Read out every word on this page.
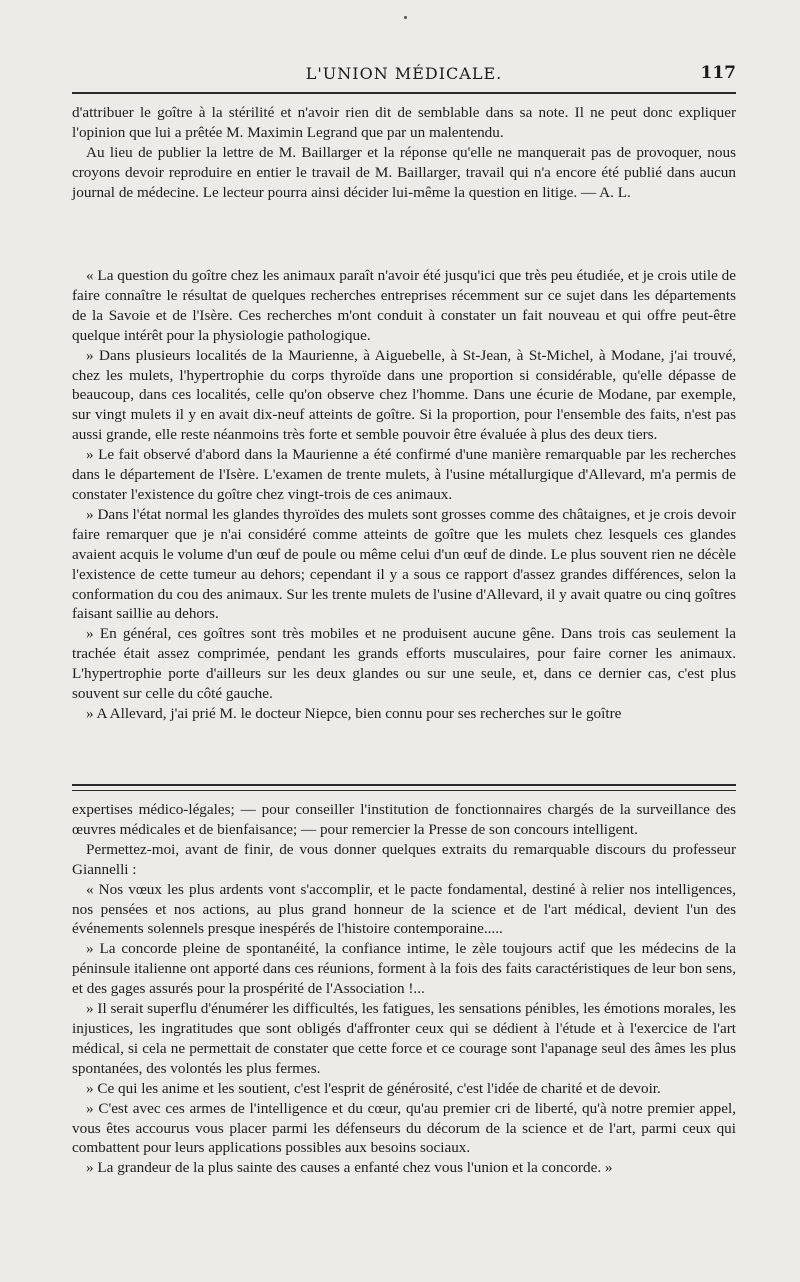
L'UNION MÉDICALE.	117

d'attribuer le goître à la stérilité et n'avoir rien dit de semblable dans sa note. Il ne peut donc expliquer l'opinion que lui a prêtée M. Maximin Legrand que par un malentendu.

Au lieu de publier la lettre de M. Baillarger et la réponse qu'elle ne manquerait pas de provoquer, nous croyons devoir reproduire en entier le travail de M. Baillarger, travail qui n'a encore été publié dans aucun journal de médecine. Le lecteur pourra ainsi décider lui-même la question en litige. — A. L.

« La question du goître chez les animaux paraît n'avoir été jusqu'ici que très peu étudiée, et je crois utile de faire connaître le résultat de quelques recherches entreprises récemment sur ce sujet dans les départements de la Savoie et de l'Isère. Ces recherches m'ont conduit à constater un fait nouveau et qui offre peut-être quelque intérêt pour la physiologie pathologique.

» Dans plusieurs localités de la Maurienne, à Aiguebelle, à St-Jean, à St-Michel, à Modane, j'ai trouvé, chez les mulets, l'hypertrophie du corps thyroïde dans une proportion si considérable, qu'elle dépasse de beaucoup, dans ces localités, celle qu'on observe chez l'homme. Dans une écurie de Modane, par exemple, sur vingt mulets il y en avait dix-neuf atteints de goître. Si la proportion, pour l'ensemble des faits, n'est pas aussi grande, elle reste néanmoins très forte et semble pouvoir être évaluée à plus des deux tiers.

» Le fait observé d'abord dans la Maurienne a été confirmé d'une manière remarquable par les recherches dans le département de l'Isère. L'examen de trente mulets, à l'usine métallurgique d'Allevard, m'a permis de constater l'existence du goître chez vingt-trois de ces animaux.

» Dans l'état normal les glandes thyroïdes des mulets sont grosses comme des châtaignes, et je crois devoir faire remarquer que je n'ai considéré comme atteints de goître que les mulets chez lesquels ces glandes avaient acquis le volume d'un œuf de poule ou même celui d'un œuf de dinde. Le plus souvent rien ne décèle l'existence de cette tumeur au dehors; cependant il y a sous ce rapport d'assez grandes différences, selon la conformation du cou des animaux. Sur les trente mulets de l'usine d'Allevard, il y avait quatre ou cinq goîtres faisant saillie au dehors.

» En général, ces goîtres sont très mobiles et ne produisent aucune gêne. Dans trois cas seulement la trachée était assez comprimée, pendant les grands efforts musculaires, pour faire corner les animaux. L'hypertrophie porte d'ailleurs sur les deux glandes ou sur une seule, et, dans ce dernier cas, c'est plus souvent sur celle du côté gauche.

» A Allevard, j'ai prié M. le docteur Niepce, bien connu pour ses recherches sur le goître

expertises médico-légales; — pour conseiller l'institution de fonctionnaires chargés de la surveillance des œuvres médicales et de bienfaisance; — pour remercier la Presse de son concours intelligent.

Permettez-moi, avant de finir, de vous donner quelques extraits du remarquable discours du professeur Giannelli :

« Nos vœux les plus ardents vont s'accomplir, et le pacte fondamental, destiné à relier nos intelligences, nos pensées et nos actions, au plus grand honneur de la science et de l'art médical, devient l'un des événements solennels presque inespérés de l'histoire contemporaine.....

» La concorde pleine de spontanéité, la confiance intime, le zèle toujours actif que les médecins de la péninsule italienne ont apporté dans ces réunions, forment à la fois des faits caractéristiques de leur bon sens, et des gages assurés pour la prospérité de l'Association !...

» Il serait superflu d'énumérer les difficultés, les fatigues, les sensations pénibles, les émotions morales, les injustices, les ingratitudes que sont obligés d'affronter ceux qui se dédient à l'étude et à l'exercice de l'art médical, si cela ne permettait de constater que cette force et ce courage sont l'apanage seul des âmes les plus spontanées, des volontés les plus fermes.

» Ce qui les anime et les soutient, c'est l'esprit de générosité, c'est l'idée de charité et de devoir.

» C'est avec ces armes de l'intelligence et du cœur, qu'au premier cri de liberté, qu'à notre premier appel, vous êtes accourus vous placer parmi les défenseurs du décorum de la science et de l'art, parmi ceux qui combattent pour leurs applications possibles aux besoins sociaux.

» La grandeur de la plus sainte des causes a enfanté chez vous l'union et la concorde. »
